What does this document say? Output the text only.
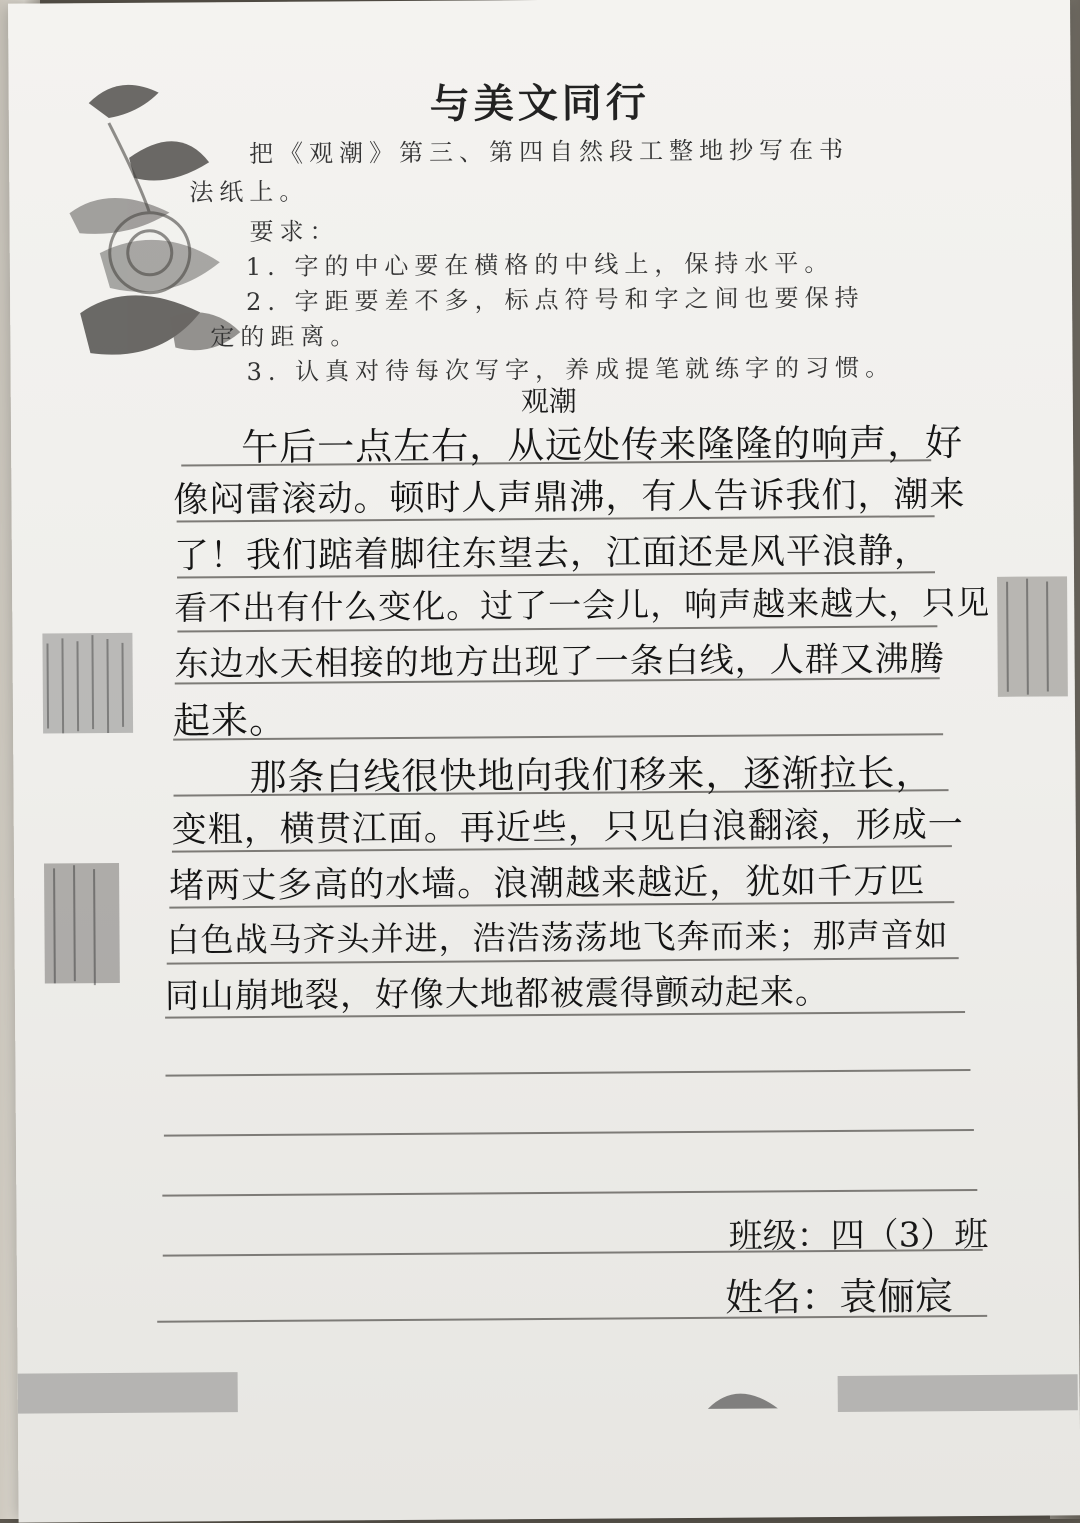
与美文同行
把《观潮》第三、第四自然段工整地抄写在书
法纸上。
要求：
1. 字的中心要在横格的中线上，保持水平。
2. 字距要差不多，标点符号和字之间也要保持
定的距离。
3. 认真对待每次写字，养成提笔就练字的习惯。
观潮
午后一点左右，从远处传来隆隆的响声，好
像闷雷滚动。顿时人声鼎沸，有人告诉我们，潮来
了！我们踮着脚往东望去，江面还是风平浪静，
看不出有什么变化。过了一会儿，响声越来越大，只见
东边水天相接的地方出现了一条白线，人群又沸腾
起来。
那条白线很快地向我们移来，逐渐拉长，
变粗，横贯江面。再近些，只见白浪翻滚，形成一
堵两丈多高的水墙。浪潮越来越近，犹如千万匹
白色战马齐头并进，浩浩荡荡地飞奔而来；那声音如
同山崩地裂，好像大地都被震得颤动起来。
班级：四（3）班
姓名：袁俪宸
